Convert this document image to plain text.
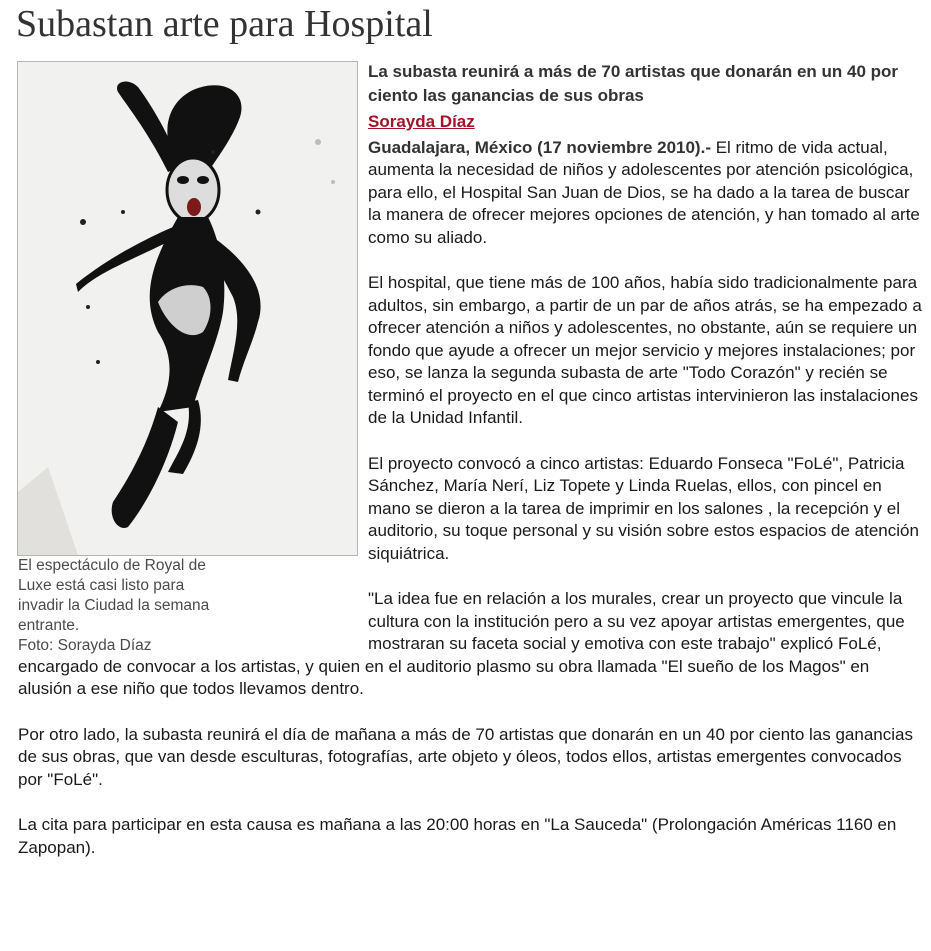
Subastan arte para Hospital
El espectáculo de Royal de
Luxe está casi listo para
invadir la Ciudad la semana
entrante.
Foto: Sorayda Díaz

La subasta reunirá a más de 70 artistas que donarán en un 40 por ciento las ganancias de sus obras

Sorayda Díaz

Guadalajara, México (17 noviembre 2010).- El ritmo de vida actual, aumenta la necesidad de niños y adolescentes por atención psicológica, para ello, el Hospital San Juan de Dios, se ha dado a la tarea de buscar la manera de ofrecer mejores opciones de atención, y han tomado al arte como su aliado.

El hospital, que tiene más de 100 años, había sido tradicionalmente para adultos, sin embargo, a partir de un par de años atrás, se ha empezado a ofrecer atención a niños y adolescentes, no obstante, aún se requiere un fondo que ayude a ofrecer un mejor servicio y mejores instalaciones; por eso, se lanza la segunda subasta de arte "Todo Corazón" y recién se terminó el proyecto en el que cinco artistas intervinieron las instalaciones de la Unidad Infantil.

El proyecto convocó a cinco artistas: Eduardo Fonseca "FoLé", Patricia Sánchez, María Nerí, Liz Topete y Linda Ruelas, ellos, con pincel en mano se dieron a la tarea de imprimir en los salones , la recepción y el auditorio, su toque personal y su visión sobre estos espacios de atención siquiátrica.

"La idea fue en relación a los murales, crear un proyecto que vincule la cultura con la institución pero a su vez apoyar artistas emergentes, que mostraran su faceta social y emotiva con este trabajo" explicó FoLé, encargado de convocar a los artistas, y quien en el auditorio plasmo su obra llamada "El sueño de los Magos" en alusión a ese niño que todos llevamos dentro.

Por otro lado, la subasta reunirá el día de mañana a más de 70 artistas que donarán en un 40 por ciento las ganancias de sus obras, que van desde esculturas, fotografías, arte objeto y óleos, todos ellos, artistas emergentes convocados por "FoLé".

La cita para participar en esta causa es mañana a las 20:00 horas en "La Sauceda" (Prolongación Américas 1160 en Zapopan).
